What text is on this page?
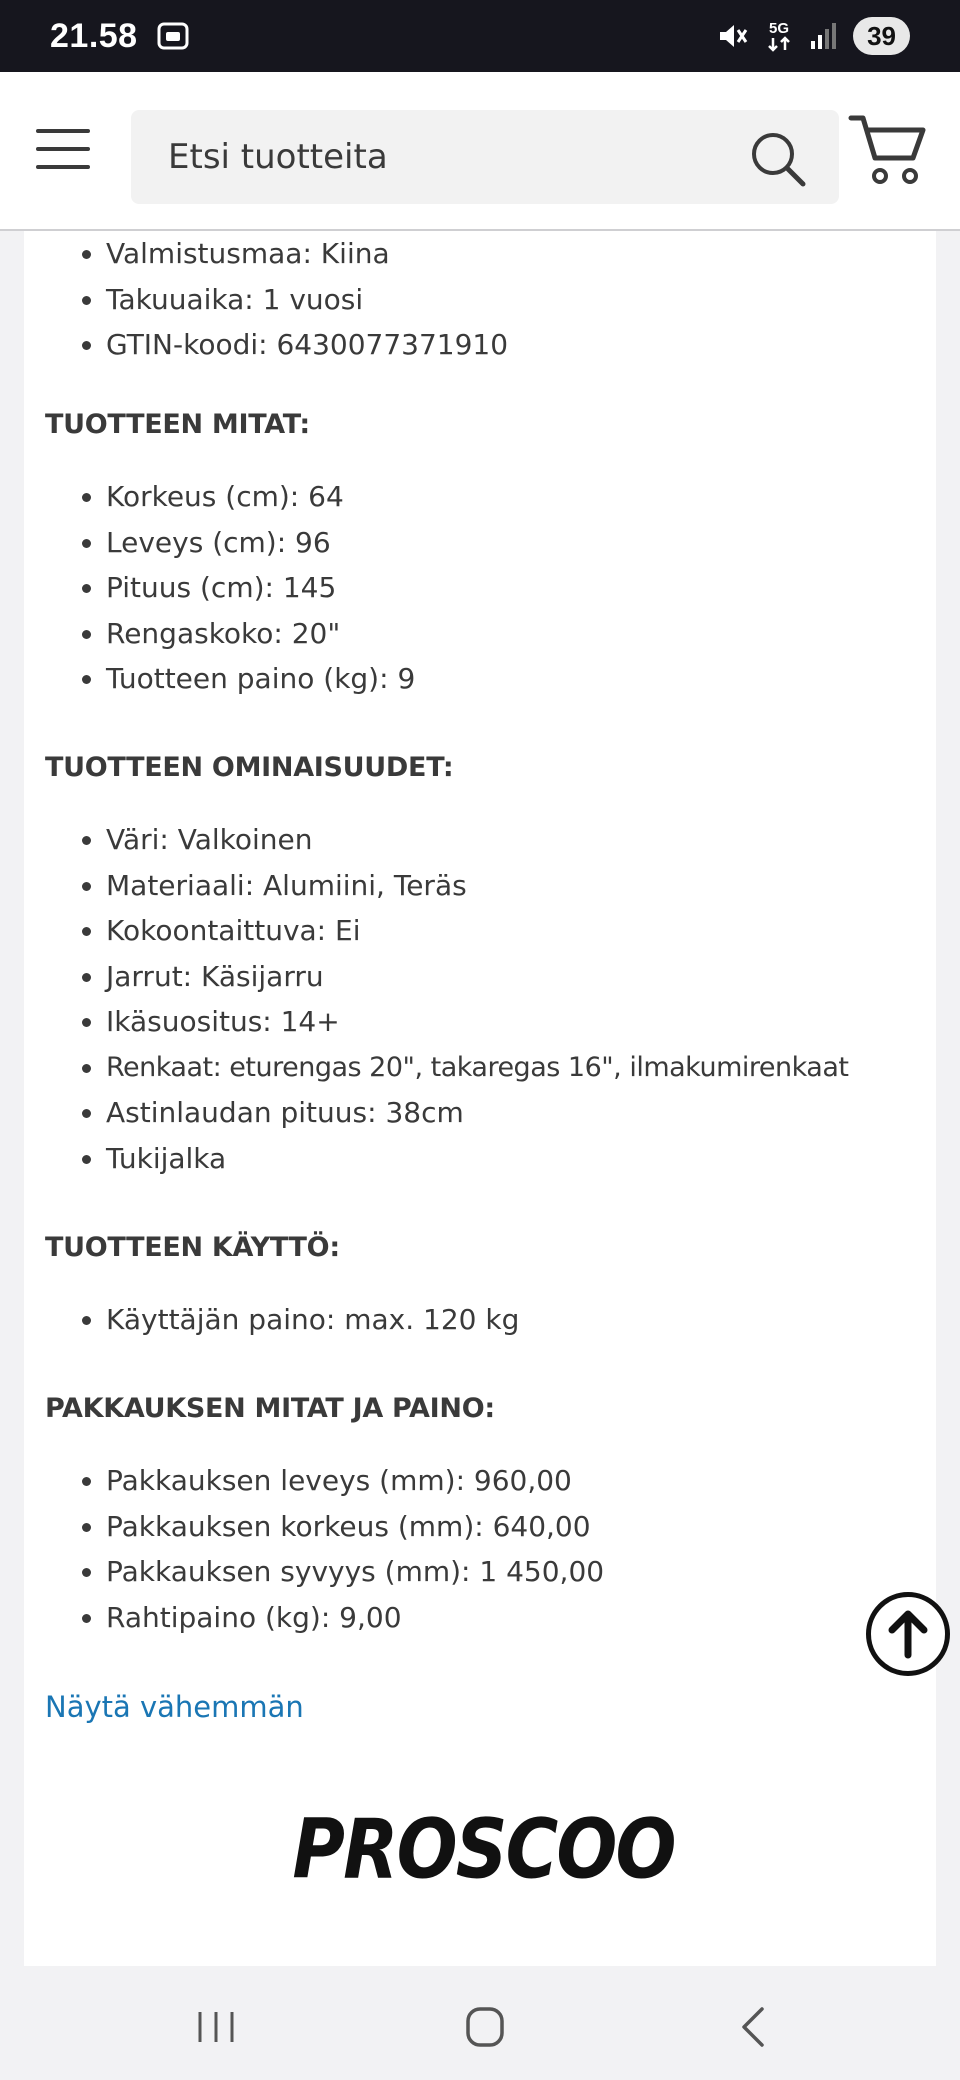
21.58	5G	39
Etsi tuotteita
Valmistusmaa: Kiina
Takuuaika: 1 vuosi
GTIN-koodi: 6430077371910
TUOTTEEN MITAT:
Korkeus (cm): 64
Leveys (cm): 96
Pituus (cm): 145
Rengaskoko: 20"
Tuotteen paino (kg): 9
TUOTTEEN OMINAISUUDET:
Väri: Valkoinen
Materiaali: Alumiini, Teräs
Kokoontaittuva: Ei
Jarrut: Käsijarru
Ikäsuositus: 14+
Renkaat: eturengas 20", takaregas 16", ilmakumirenkaat
Astinlaudan pituus: 38cm
Tukijalka
TUOTTEEN KÄYTTÖ:
Käyttäjän paino: max. 120 kg
PAKKAUKSEN MITAT JA PAINO:
Pakkauksen leveys (mm): 960,00
Pakkauksen korkeus (mm): 640,00
Pakkauksen syvyys (mm): 1 450,00
Rahtipaino (kg): 9,00
Näytä vähemmän
PROSCOO
